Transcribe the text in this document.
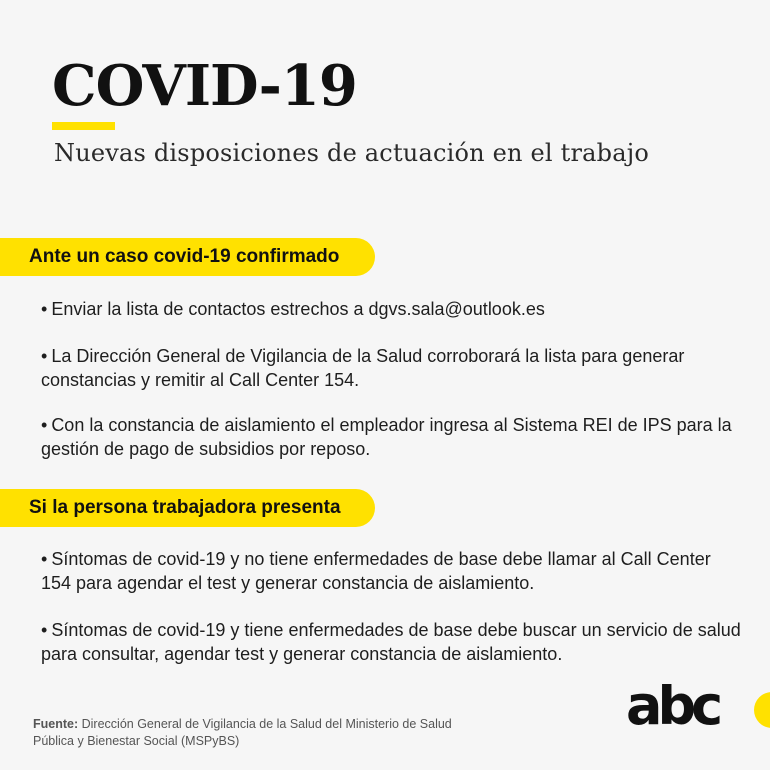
COVID-19

Nuevas disposiciones de actuación en el trabajo

Ante un caso covid-19 confirmado

• Enviar la lista de contactos estrechos a dgvs.sala@outlook.es

• La Dirección General de Vigilancia de la Salud corroborará la lista para generar constancias y remitir al Call Center 154.

• Con la constancia de aislamiento el empleador ingresa al Sistema REI de IPS para la gestión de pago de subsidios por reposo.

Si la persona trabajadora presenta

• Síntomas de covid-19 y no tiene enfermedades de base debe llamar al Call Center 154 para agendar el test y generar constancia de aislamiento.

• Síntomas de covid-19 y tiene enfermedades de base debe buscar un servicio de salud para consultar, agendar test y generar constancia de aislamiento.

Fuente: Dirección General de Vigilancia de la Salud del Ministerio de Salud Pública y Bienestar Social (MSPyBS)

abc
